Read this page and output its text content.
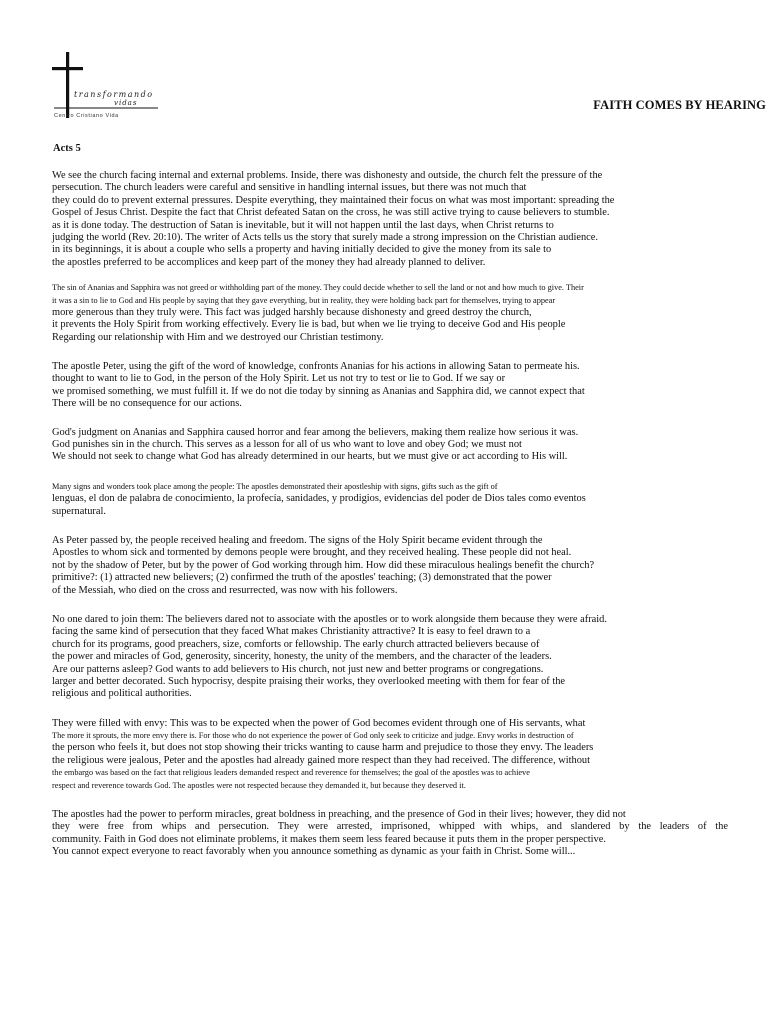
transformando
vidas
Centro Cristiano Vida
FAITH COMES BY HEARING
Acts 5
We see the church facing internal and external problems. Inside, there was dishonesty and outside, the church felt the pressure of the
persecution. The church leaders were careful and sensitive in handling internal issues, but there was not much that
they could do to prevent external pressures. Despite everything, they maintained their focus on what was most important: spreading the
Gospel of Jesus Christ. Despite the fact that Christ defeated Satan on the cross, he was still active trying to cause believers to stumble.
as it is done today. The destruction of Satan is inevitable, but it will not happen until the last days, when Christ returns to
judging the world (Rev. 20:10). The writer of Acts tells us the story that surely made a strong impression on the Christian audience.
in its beginnings, it is about a couple who sells a property and having initially decided to give the money from its sale to
the apostles preferred to be accomplices and keep part of the money they had already planned to deliver.
The sin of Ananias and Sapphira was not greed or withholding part of the money. They could decide whether to sell the land or not and how much to give. Their
it was a sin to lie to God and His people by saying that they gave everything, but in reality, they were holding back part for themselves, trying to appear
more generous than they truly were. This fact was judged harshly because dishonesty and greed destroy the church,
it prevents the Holy Spirit from working effectively. Every lie is bad, but when we lie trying to deceive God and His people
Regarding our relationship with Him and we destroyed our Christian testimony.
The apostle Peter, using the gift of the word of knowledge, confronts Ananias for his actions in allowing Satan to permeate his.
thought to want to lie to God, in the person of the Holy Spirit. Let us not try to test or lie to God. If we say or
we promised something, we must fulfill it. If we do not die today by sinning as Ananias and Sapphira did, we cannot expect that
There will be no consequence for our actions.
God's judgment on Ananias and Sapphira caused horror and fear among the believers, making them realize how serious it was.
God punishes sin in the church. This serves as a lesson for all of us who want to love and obey God; we must not
We should not seek to change what God has already determined in our hearts, but we must give or act according to His will.
Many signs and wonders took place among the people: The apostles demonstrated their apostleship with signs, gifts such as the gift of
lenguas, el don de palabra de conocimiento, la profecía, sanidades, y prodigios, evidencias del poder de Dios tales como eventos
supernatural.
As Peter passed by, the people received healing and freedom. The signs of the Holy Spirit became evident through the
Apostles to whom sick and tormented by demons people were brought, and they received healing. These people did not heal.
not by the shadow of Peter, but by the power of God working through him. How did these miraculous healings benefit the church?
primitive?: (1) attracted new believers; (2) confirmed the truth of the apostles' teaching; (3) demonstrated that the power
of the Messiah, who died on the cross and resurrected, was now with his followers.
No one dared to join them: The believers dared not to associate with the apostles or to work alongside them because they were afraid.
facing the same kind of persecution that they faced What makes Christianity attractive? It is easy to feel drawn to a
church for its programs, good preachers, size, comforts or fellowship. The early church attracted believers because of
the power and miracles of God, generosity, sincerity, honesty, the unity of the members, and the character of the leaders.
Are our patterns asleep? God wants to add believers to His church, not just new and better programs or congregations.
larger and better decorated. Such hypocrisy, despite praising their works, they overlooked meeting with them for fear of the
religious and political authorities.
They were filled with envy: This was to be expected when the power of God becomes evident through one of His servants, what
The more it sprouts, the more envy there is. For those who do not experience the power of God only seek to criticize and judge. Envy works in destruction of
the person who feels it, but does not stop showing their tricks wanting to cause harm and prejudice to those they envy. The leaders
the religious were jealous, Peter and the apostles had already gained more respect than they had received. The difference, without
the embargo was based on the fact that religious leaders demanded respect and reverence for themselves; the goal of the apostles was to achieve
respect and reverence towards God. The apostles were not respected because they demanded it, but because they deserved it.
The apostles had the power to perform miracles, great boldness in preaching, and the presence of God in their lives; however, they did not
they were free from whips and persecution. They were arrested, imprisoned, whipped with whips, and slandered by the leaders of the
community. Faith in God does not eliminate problems, it makes them seem less feared because it puts them in the proper perspective.
You cannot expect everyone to react favorably when you announce something as dynamic as your faith in Christ. Some will...
